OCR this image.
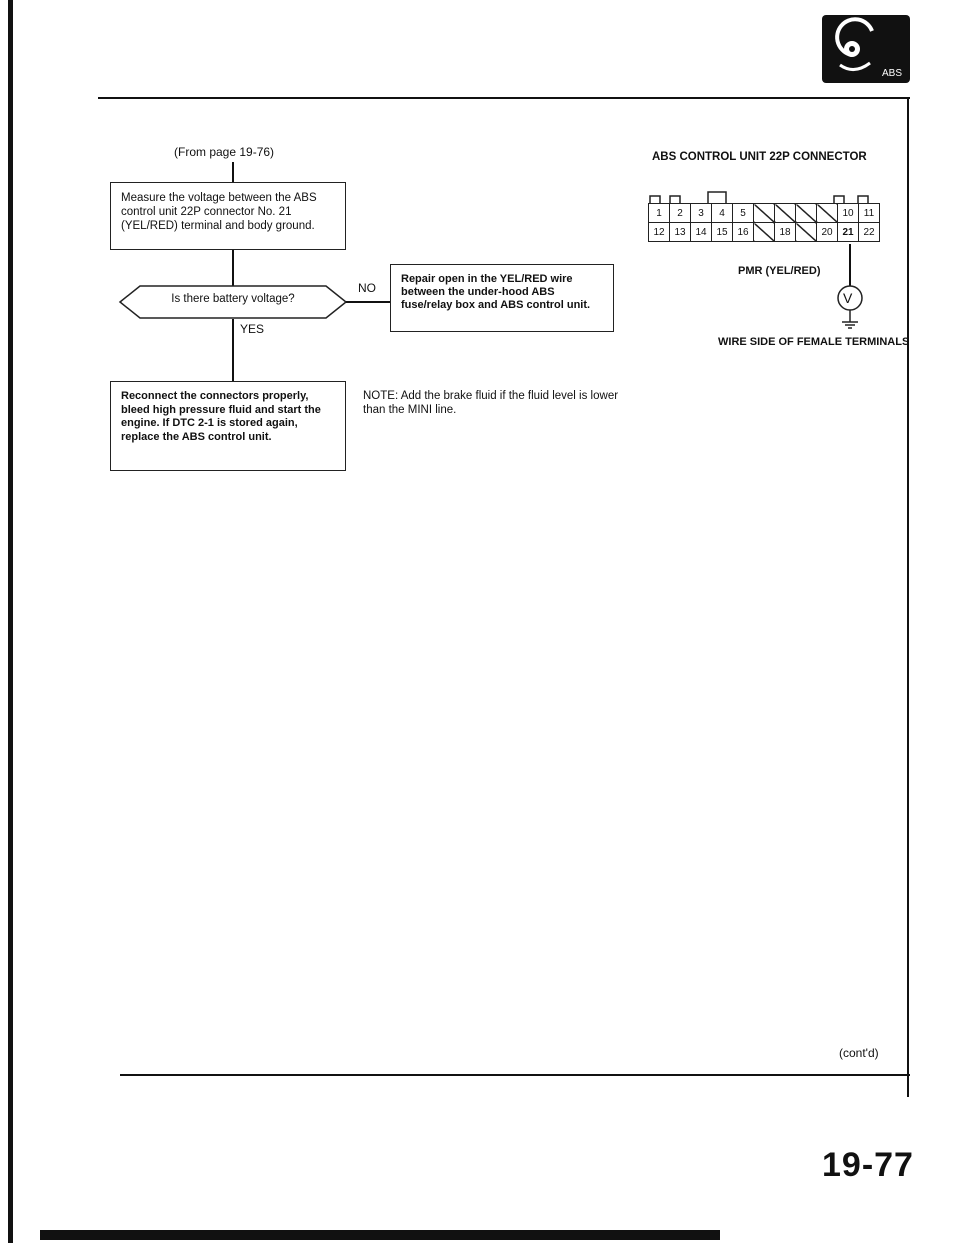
ABS
(From page 19-76)
Measure the voltage between the ABS control unit 22P connector No. 21 (YEL/RED) terminal and body ground.
Is there battery voltage?
NO
Repair open in the YEL/RED wire between the under-hood ABS fuse/relay box and ABS control unit.
YES
Reconnect the connectors properly, bleed high pressure fluid and start the engine. If DTC 2-1 is stored again, replace the ABS control unit.
NOTE: Add the brake fluid if the fluid level is lower than the MINI line.
ABS CONTROL UNIT 22P CONNECTOR
1	2	3	4	5					10	11
12	13	14	15	16		18		20	21	22
PMR (YEL/RED)
V
WIRE SIDE OF FEMALE TERMINALS
(cont'd)
19-77
